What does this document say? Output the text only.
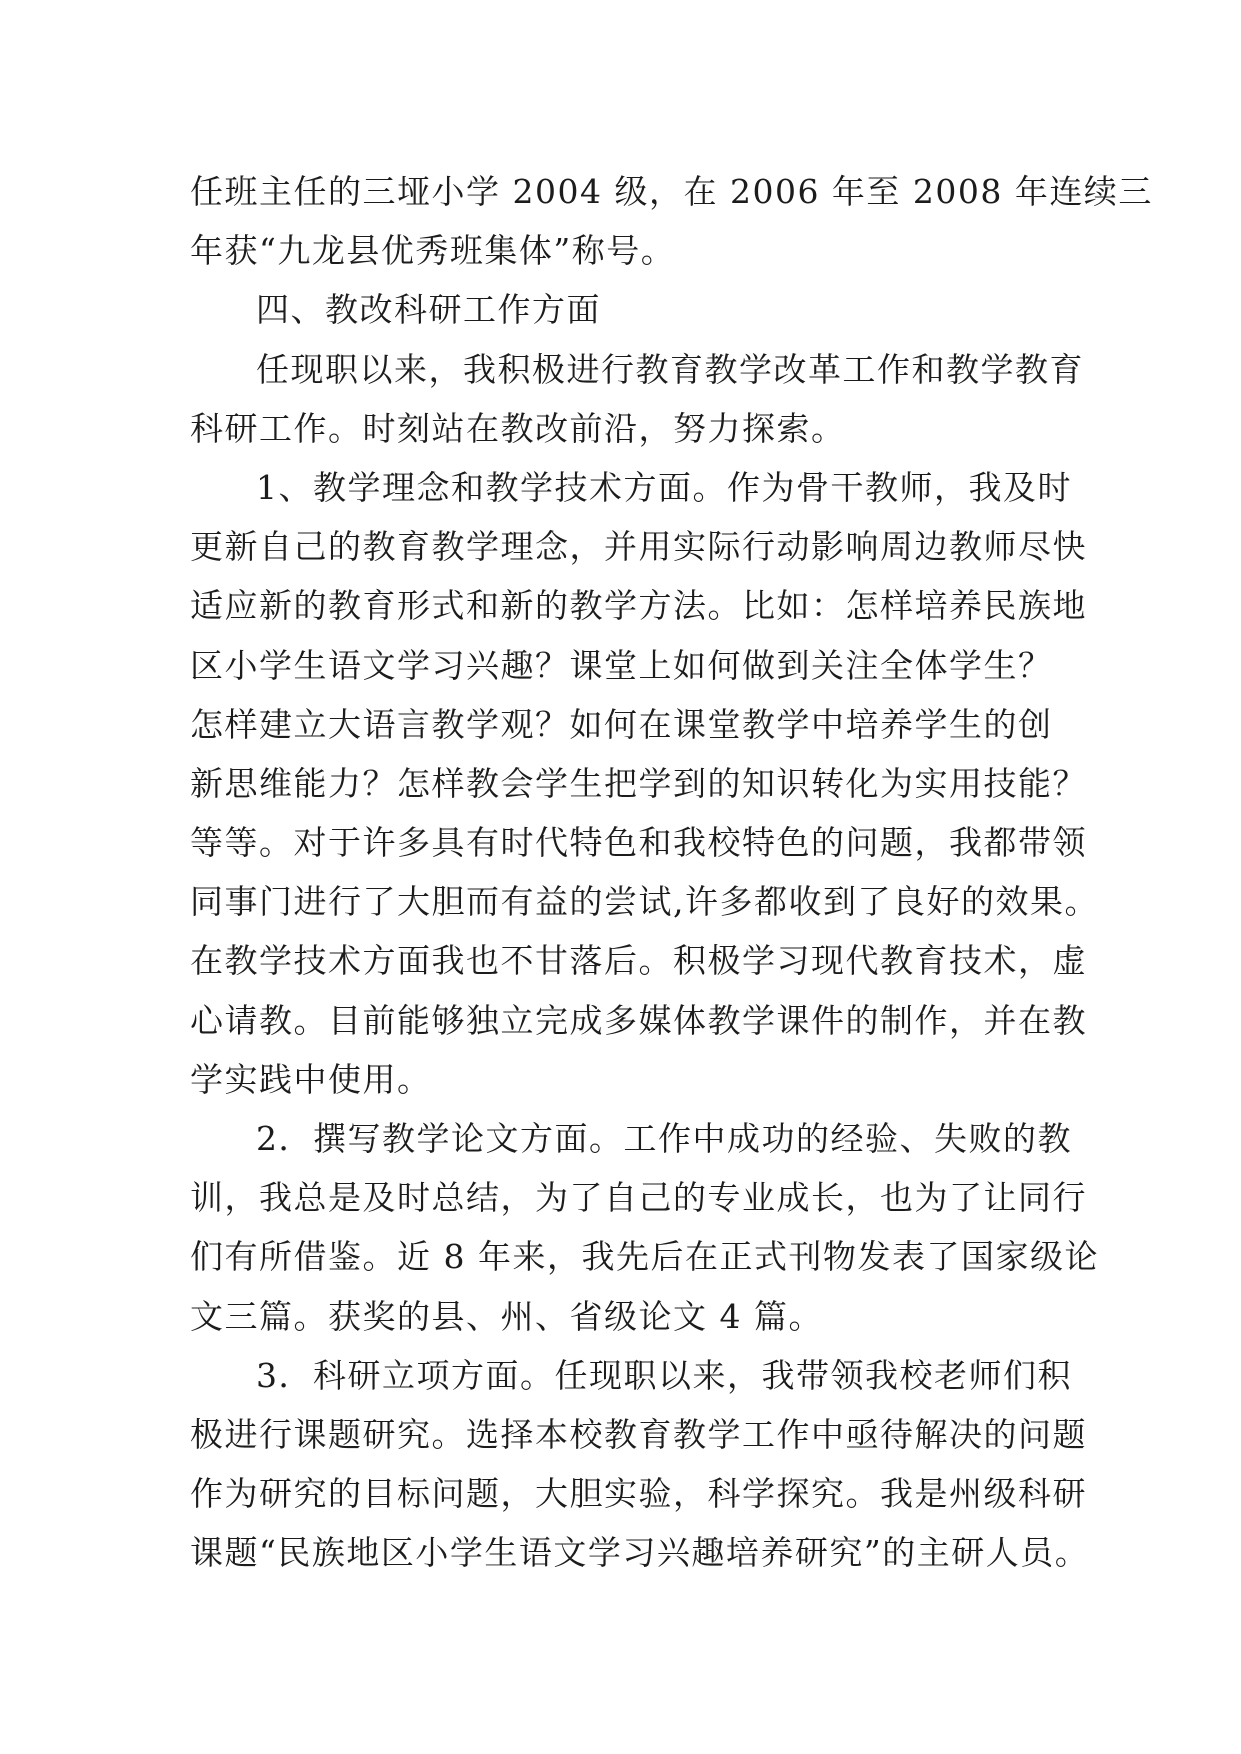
任班主任的三垭小学 2004 级，在 2006 年至 2008 年连续三
年获“九龙县优秀班集体”称号。
四、教改科研工作方面
任现职以来，我积极进行教育教学改革工作和教学教育
科研工作。时刻站在教改前沿，努力探索。
1、教学理念和教学技术方面。作为骨干教师，我及时
更新自己的教育教学理念，并用实际行动影响周边教师尽快
适应新的教育形式和新的教学方法。比如：怎样培养民族地
区小学生语文学习兴趣？课堂上如何做到关注全体学生？
怎样建立大语言教学观？如何在课堂教学中培养学生的创
新思维能力？怎样教会学生把学到的知识转化为实用技能？
等等。对于许多具有时代特色和我校特色的问题，我都带领
同事门进行了大胆而有益的尝试,许多都收到了良好的效果。
在教学技术方面我也不甘落后。积极学习现代教育技术，虚
心请教。目前能够独立完成多媒体教学课件的制作，并在教
学实践中使用。
2．撰写教学论文方面。工作中成功的经验、失败的教
训，我总是及时总结，为了自己的专业成长，也为了让同行
们有所借鉴。近 8 年来，我先后在正式刊物发表了国家级论
文三篇。获奖的县、州、省级论文 4 篇。
3．科研立项方面。任现职以来，我带领我校老师们积
极进行课题研究。选择本校教育教学工作中亟待解决的问题
作为研究的目标问题，大胆实验，科学探究。我是州级科研
课题“民族地区小学生语文学习兴趣培养研究”的主研人员。
